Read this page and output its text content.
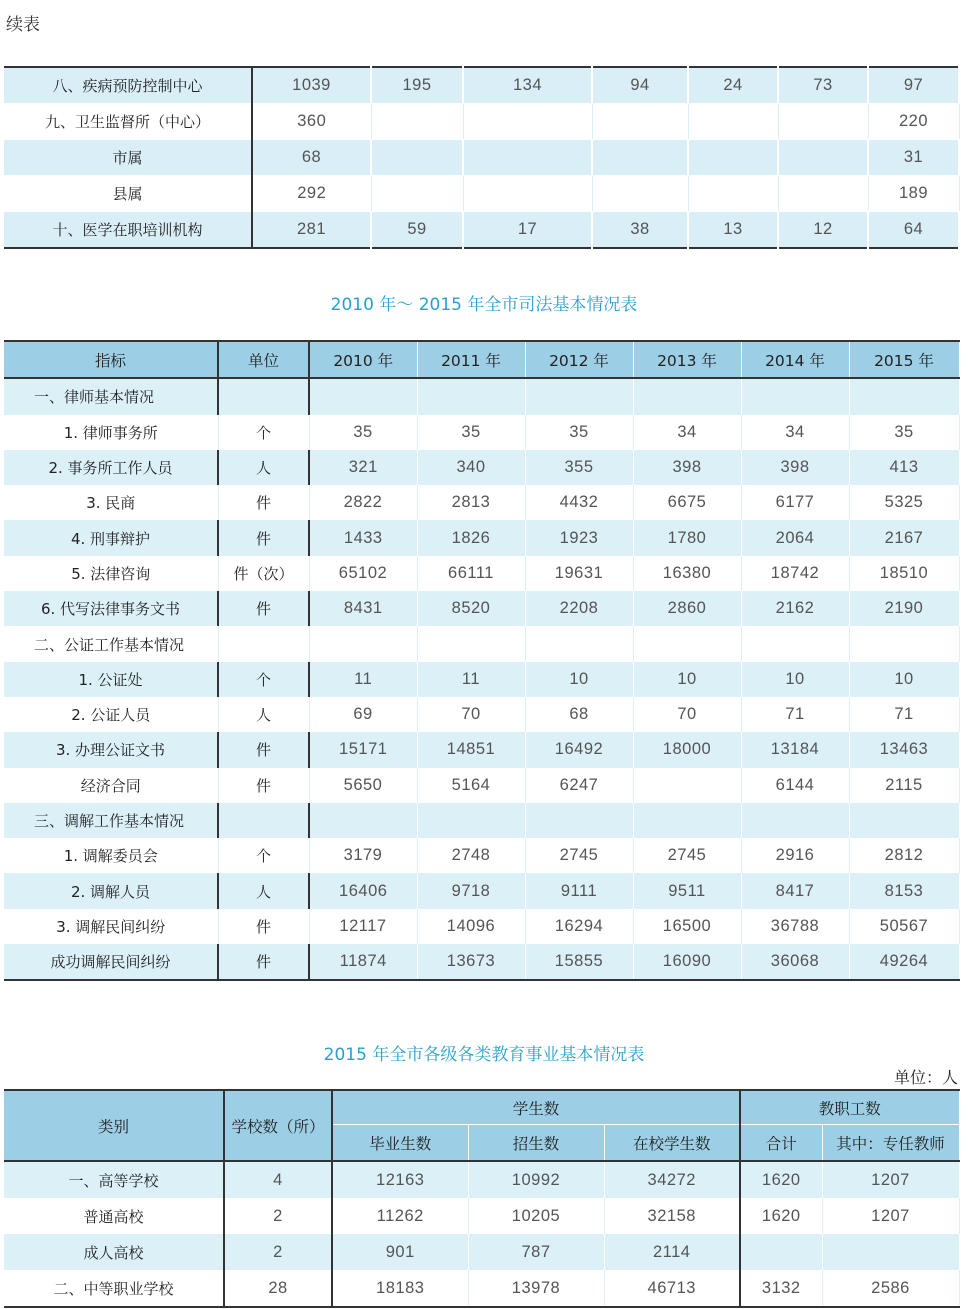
续表
八、疾病预防控制中心	1039	195	134	94	24	73	97
九、卫生监督所（中心）	360						220
市属	68						31
县属	292						189
十、医学在职培训机构	281	59	17	38	13	12	64
2010 年～ 2015 年全市司法基本情况表
指标	单位	2010 年	2011 年	2012 年	2013 年	2014 年	2015 年
一、律师基本情况							
1. 律师事务所	个	35	35	35	34	34	35
2. 事务所工作人员	人	321	340	355	398	398	413
3. 民商	件	2822	2813	4432	6675	6177	5325
4. 刑事辩护	件	1433	1826	1923	1780	2064	2167
5. 法律咨询	件（次）	65102	66111	19631	16380	18742	18510
6. 代写法律事务文书	件	8431	8520	2208	2860	2162	2190
二、公证工作基本情况							
1. 公证处	个	11	11	10	10	10	10
2. 公证人员	人	69	70	68	70	71	71
3. 办理公证文书	件	15171	14851	16492	18000	13184	13463
经济合同	件	5650	5164	6247		6144	2115
三、调解工作基本情况							
1. 调解委员会	个	3179	2748	2745	2745	2916	2812
2. 调解人员	人	16406	9718	9111	9511	8417	8153
3. 调解民间纠纷	件	12117	14096	16294	16500	36788	50567
成功调解民间纠纷	件	11874	13673	15855	16090	36068	49264
2015 年全市各级各类教育事业基本情况表
单位：人
类别	学校数（所）	学生数			教职工数	
		毕业生数	招生数	在校学生数	合计	其中：专任教师
一、高等学校	4	12163	10992	34272	1620	1207
普通高校	2	11262	10205	32158	1620	1207
成人高校	2	901	787	2114		
二、中等职业学校	28	18183	13978	46713	3132	2586
